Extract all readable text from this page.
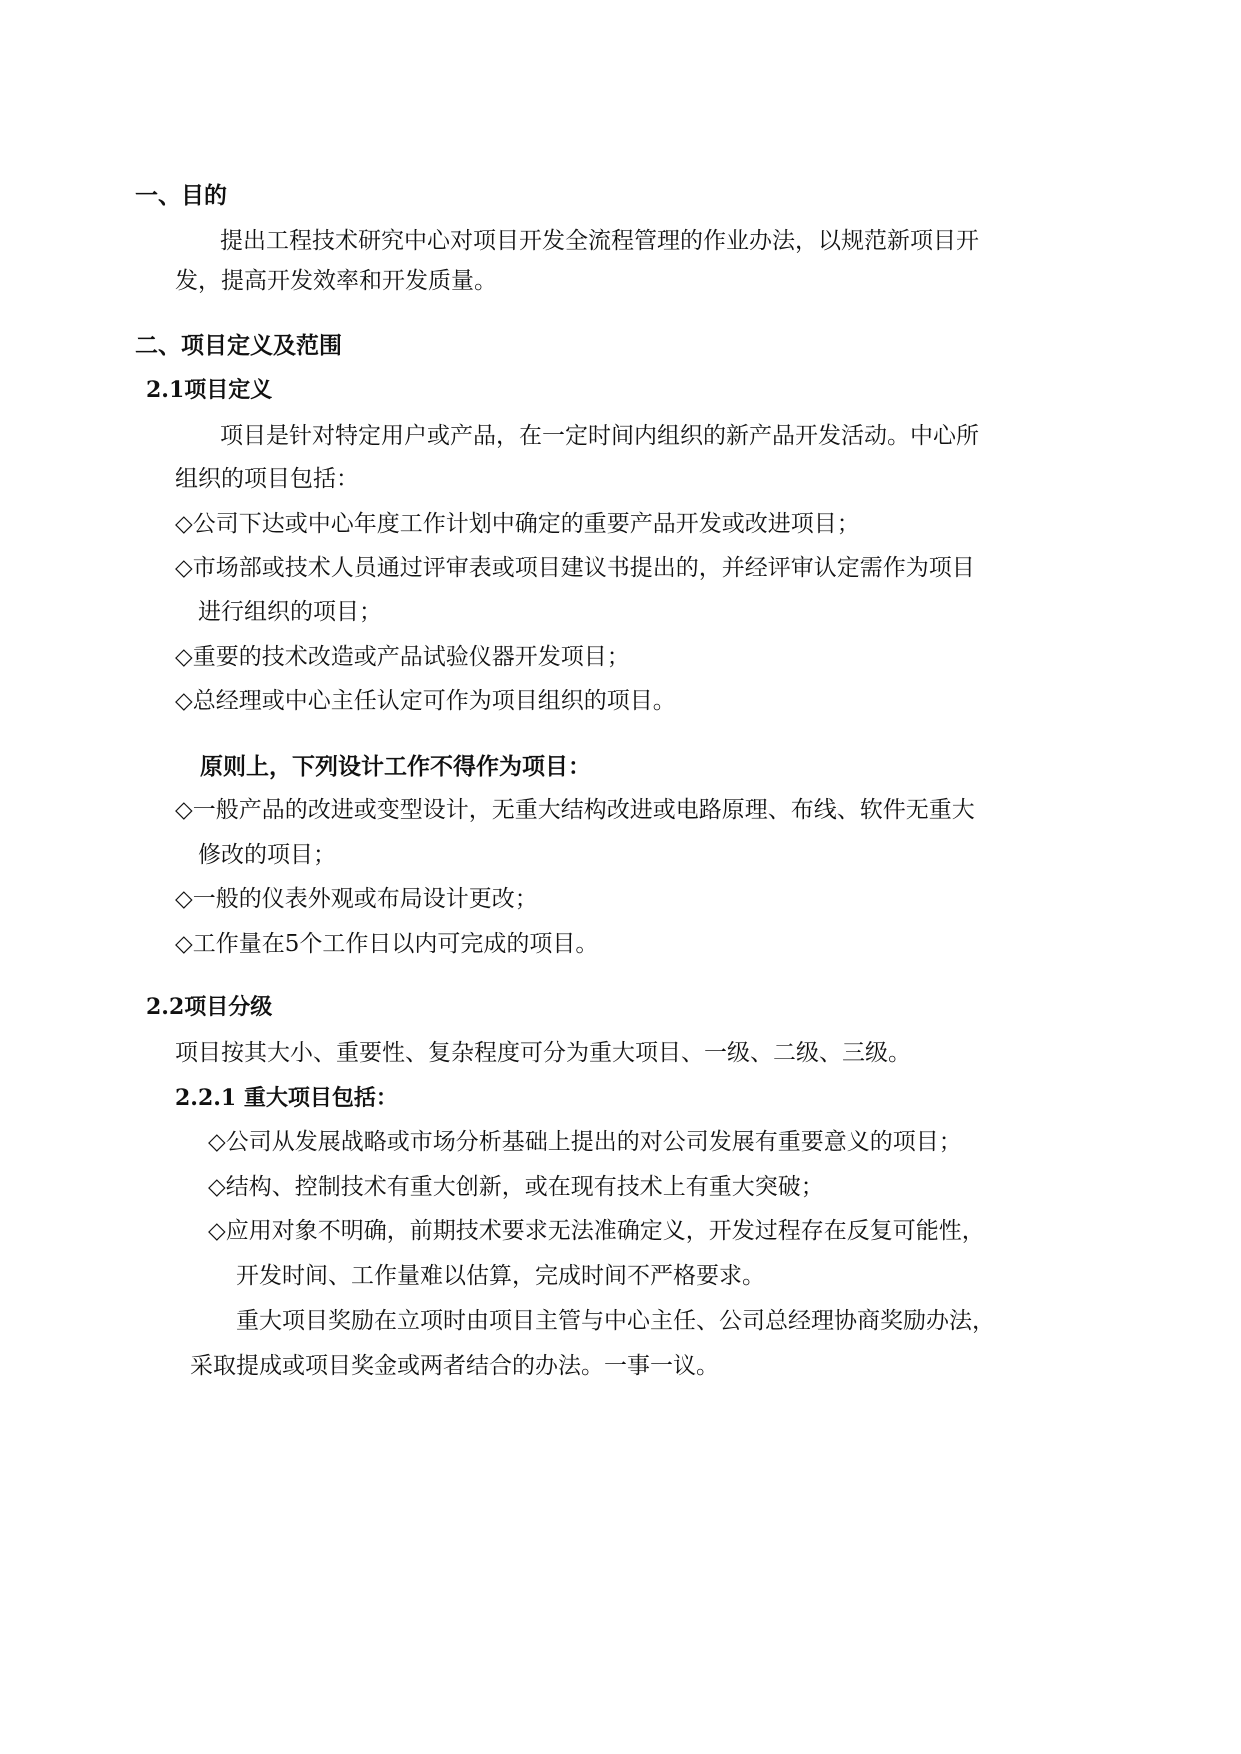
一、目的
提出工程技术研究中心对项目开发全流程管理的作业办法，以规范新项目开
发，提高开发效率和开发质量。
二、项目定义及范围
2.1项目定义
项目是针对特定用户或产品，在一定时间内组织的新产品开发活动。中心所
组织的项目包括：
◇公司下达或中心年度工作计划中确定的重要产品开发或改进项目；
◇市场部或技术人员通过评审表或项目建议书提出的，并经评审认定需作为项目
进行组织的项目；
◇重要的技术改造或产品试验仪器开发项目；
◇总经理或中心主任认定可作为项目组织的项目。
原则上，下列设计工作不得作为项目：
◇一般产品的改进或变型设计，无重大结构改进或电路原理、布线、软件无重大
修改的项目；
◇一般的仪表外观或布局设计更改；
◇工作量在5个工作日以内可完成的项目。
2.2项目分级
项目按其大小、重要性、复杂程度可分为重大项目、一级、二级、三级。
2.2.1 重大项目包括：
◇公司从发展战略或市场分析基础上提出的对公司发展有重要意义的项目；
◇结构、控制技术有重大创新，或在现有技术上有重大突破；
◇应用对象不明确，前期技术要求无法准确定义，开发过程存在反复可能性，
开发时间、工作量难以估算，完成时间不严格要求。
重大项目奖励在立项时由项目主管与中心主任、公司总经理协商奖励办法，
采取提成或项目奖金或两者结合的办法。一事一议。
